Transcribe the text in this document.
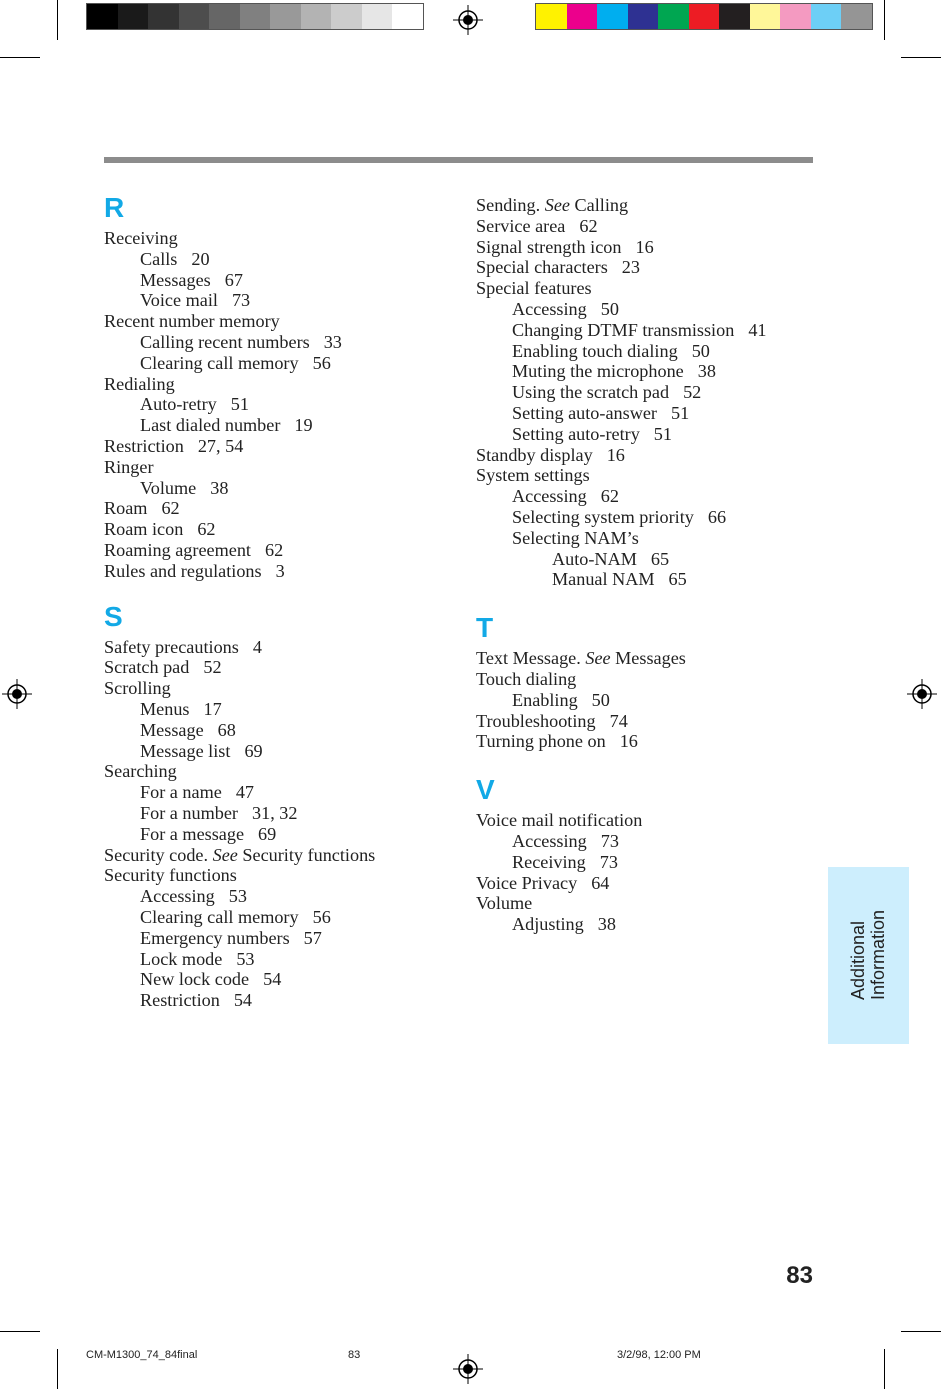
R
Receiving
Calls 20
Messages 67
Voice mail 73
Recent number memory
Calling recent numbers 33
Clearing call memory 56
Redialing
Auto-retry 51
Last dialed number 19
Restriction 27, 54
Ringer
Volume 38
Roam 62
Roam icon 62
Roaming agreement 62
Rules and regulations 3
S
Safety precautions 4
Scratch pad 52
Scrolling
Menus 17
Message 68
Message list 69
Searching
For a name 47
For a number 31, 32
For a message 69
Security code. See Security functions
Security functions
Accessing 53
Clearing call memory 56
Emergency numbers 57
Lock mode 53
New lock code 54
Restriction 54
Sending. See Calling
Service area 62
Signal strength icon 16
Special characters 23
Special features
Accessing 50
Changing DTMF transmission 41
Enabling touch dialing 50
Muting the microphone 38
Using the scratch pad 52
Setting auto-answer 51
Setting auto-retry 51
Standby display 16
System settings
Accessing 62
Selecting system priority 66
Selecting NAM’s
Auto-NAM 65
Manual NAM 65
T
Text Message. See Messages
Touch dialing
Enabling 50
Troubleshooting 74
Turning phone on 16
V
Voice mail notification
Accessing 73
Receiving 73
Voice Privacy 64
Volume
Adjusting 38	Additional Information
83
CM-M1300_74_84final	83	3/2/98, 12:00 PM
